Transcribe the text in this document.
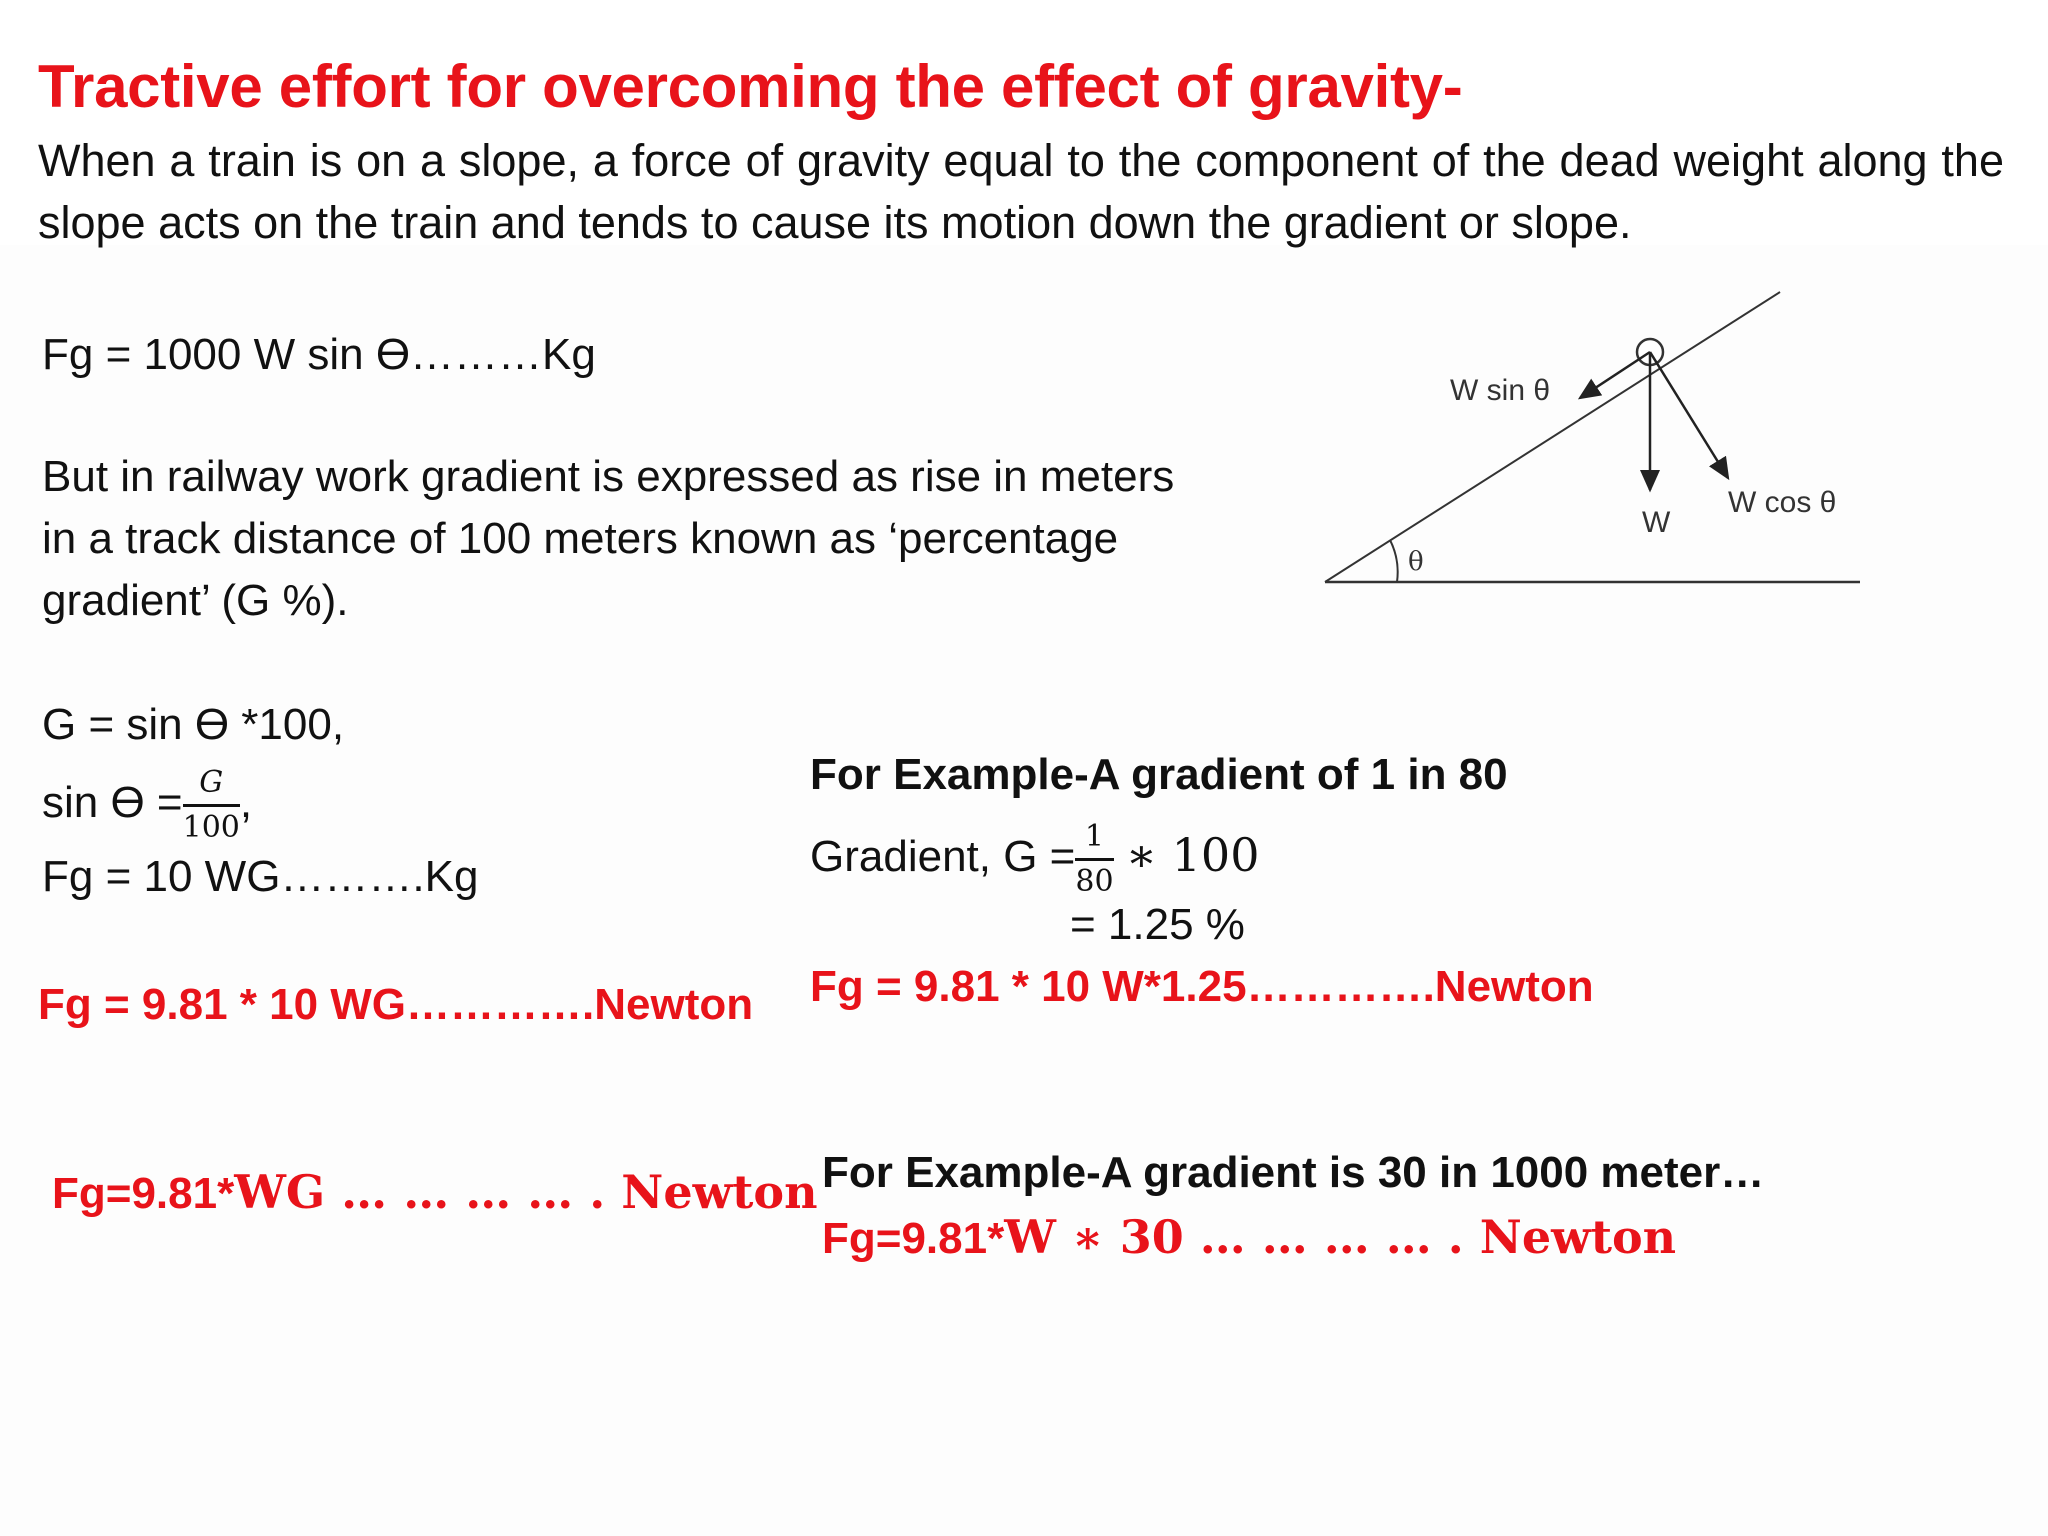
Tractive effort for overcoming the effect of gravity-
When a train is on a slope, a force of gravity equal to the component of the dead weight along the slope acts on the train and tends to cause its motion down the gradient or slope.
Fg = 1000 W sin Ө………Kg
But in railway work gradient is expressed as rise in meters
in a track distance of 100 meters known as ‘percentage
gradient’ (G %).
G = sin Ө *100,
$\sin Ө = \frac{G}{100}$ ,
Fg = 10 WG……….Kg
Fg = 9.81 * 10 WG………….Newton
Fg=9.81*WG … … … … . Newton
For Example-A gradient of 1 in 80
Gradient, $G = \frac{1}{80}$ ∗ 100
= 1.25 %
Fg = 9.81 * 10 W*1.25………….Newton
For Example-A gradient is 30 in 1000 meter…
Fg=9.81*W ∗ 30 … … … … . Newton
W sin θ
W
W cos θ
θ
